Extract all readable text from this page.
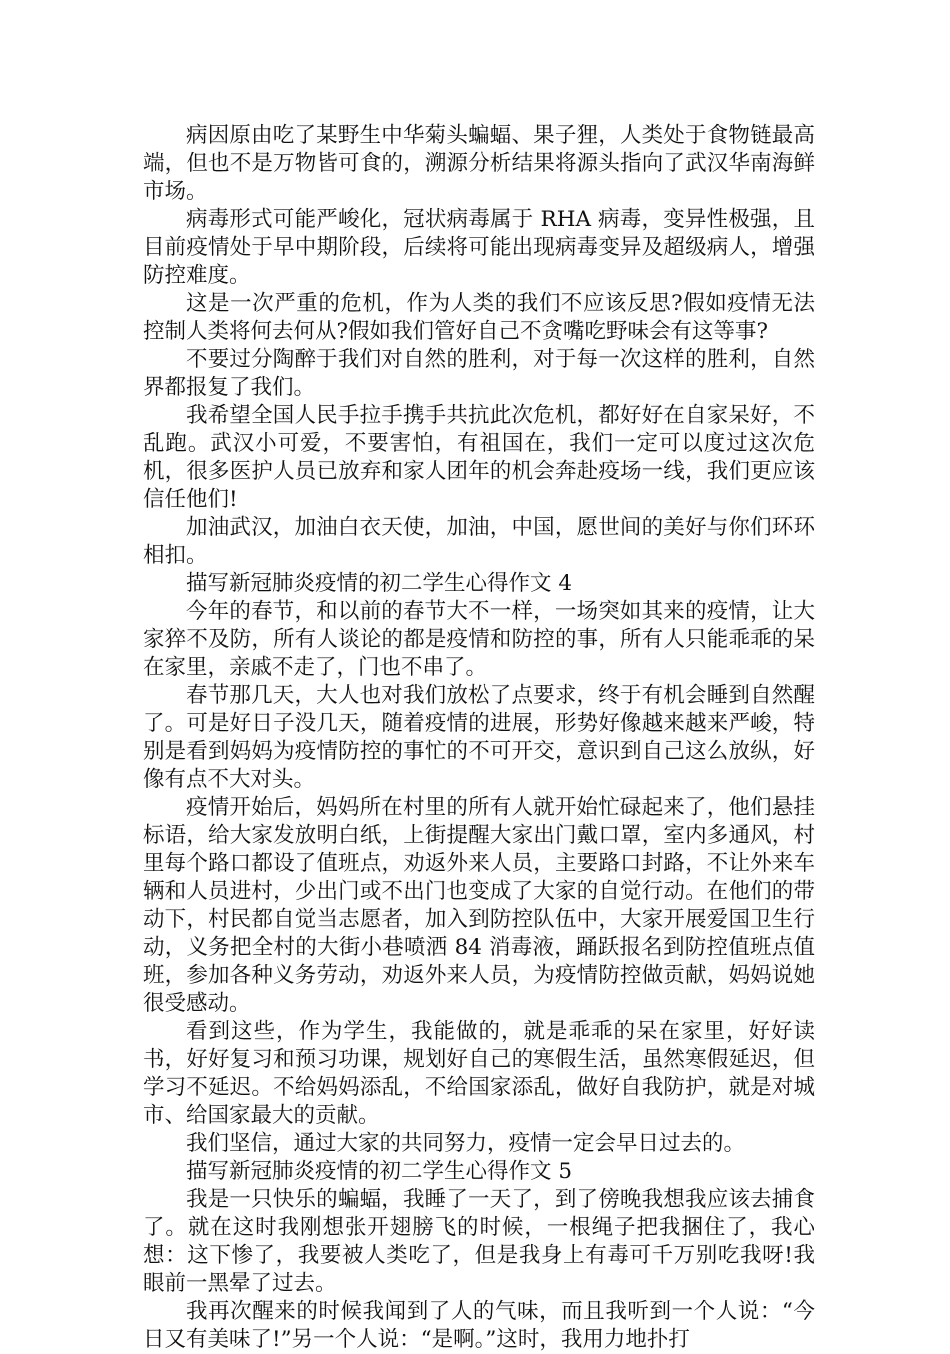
病因原由吃了某野生中华菊头蝙蝠、果子狸，人类处于食物链最高端，但也不是万物皆可食的，溯源分析结果将源头指向了武汉华南海鲜市场。

病毒形式可能严峻化，冠状病毒属于 RHA 病毒，变异性极强，且目前疫情处于早中期阶段，后续将可能出现病毒变异及超级病人，增强防控难度。

这是一次严重的危机，作为人类的我们不应该反思?假如疫情无法控制人类将何去何从?假如我们管好自己不贪嘴吃野味会有这等事?

不要过分陶醉于我们对自然的胜利，对于每一次这样的胜利，自然界都报复了我们。

我希望全国人民手拉手携手共抗此次危机，都好好在自家呆好，不乱跑。武汉小可爱，不要害怕，有祖国在，我们一定可以度过这次危机，很多医护人员已放弃和家人团年的机会奔赴疫场一线，我们更应该信任他们!

加油武汉，加油白衣天使，加油，中国，愿世间的美好与你们环环相扣。

描写新冠肺炎疫情的初二学生心得作文 4

今年的春节，和以前的春节大不一样，一场突如其来的疫情，让大家猝不及防，所有人谈论的都是疫情和防控的事，所有人只能乖乖的呆在家里，亲戚不走了，门也不串了。

春节那几天，大人也对我们放松了点要求，终于有机会睡到自然醒了。可是好日子没几天，随着疫情的进展，形势好像越来越来严峻，特别是看到妈妈为疫情防控的事忙的不可开交，意识到自己这么放纵，好像有点不大对头。

疫情开始后，妈妈所在村里的所有人就开始忙碌起来了，他们悬挂标语，给大家发放明白纸，上街提醒大家出门戴口罩，室内多通风，村里每个路口都设了值班点，劝返外来人员，主要路口封路，不让外来车辆和人员进村，少出门或不出门也变成了大家的自觉行动。在他们的带动下，村民都自觉当志愿者，加入到防控队伍中，大家开展爱国卫生行动，义务把全村的大街小巷喷洒 84 消毒液，踊跃报名到防控值班点值班，参加各种义务劳动，劝返外来人员，为疫情防控做贡献，妈妈说她很受感动。

看到这些，作为学生，我能做的，就是乖乖的呆在家里，好好读书，好好复习和预习功课，规划好自己的寒假生活，虽然寒假延迟，但学习不延迟。不给妈妈添乱，不给国家添乱，做好自我防护，就是对城市、给国家最大的贡献。

我们坚信，通过大家的共同努力，疫情一定会早日过去的。

描写新冠肺炎疫情的初二学生心得作文 5

我是一只快乐的蝙蝠，我睡了一天了，到了傍晚我想我应该去捕食了。就在这时我刚想张开翅膀飞的时候，一根绳子把我捆住了，我心想：这下惨了，我要被人类吃了，但是我身上有毒可千万别吃我呀!我眼前一黑晕了过去。

我再次醒来的时候我闻到了人的气味，而且我听到一个人说：“今日又有美味了!”另一个人说：“是啊。”这时，我用力地扑打
